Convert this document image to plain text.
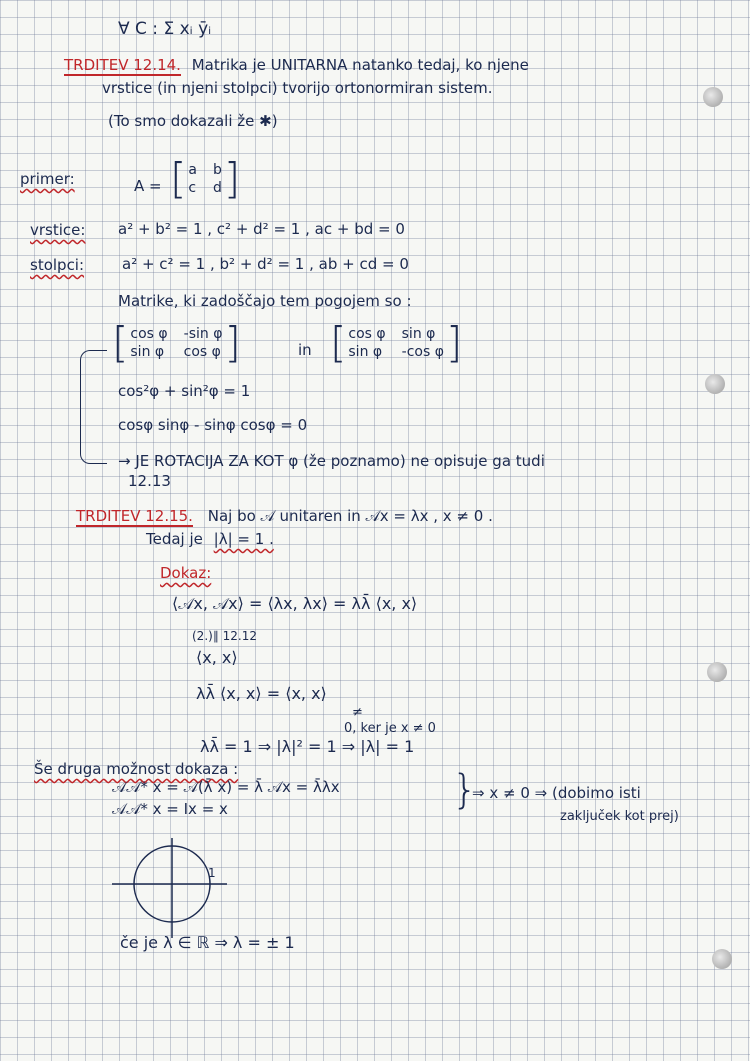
∀ C : Σ xᵢ ȳᵢ
TRDITEV 12.14. Matrika je UNITARNA natanko tedaj, ko njene
vrstice (in njeni stolpci) tvorijo ortonormiran sistem.
(To smo dokazali že ✱)
primer:	A = [ a b
c d ]
vrstice: a² + b² = 1 , c² + d² = 1 , ac + bd = 0
stolpci:	a² + c² = 1 , b² + d² = 1 , ab + cd = 0
Matrike, ki zadoščajo tem pogojem so :
[ cos φ -sin φ
sin φ cos φ ]	in [ cos φ sin φ
sin φ -cos φ ]
cos²φ + sin²φ = 1
cosφ sinφ - sinφ cosφ = 0
→ JE ROTACIJA ZA KOT φ (že poznamo) ne opisuje ga tudi
12.13
TRDITEV 12.15. Naj bo 𝒜 unitaren in 𝒜x = λx , x ≠ 0 .
Tedaj je |λ| = 1 .
Dokaz:
⟨𝒜x, 𝒜x⟩ = ⟨λx, λx⟩ = λλ̄ ⟨x, x⟩
(2.)∥ 12.12
⟨x, x⟩
λλ̄ ⟨x, x⟩ = ⟨x, x⟩
≠
0, ker je x ≠ 0
λλ̄ = 1 ⇒ |λ|² = 1 ⇒ |λ| = 1
Še druga možnost dokaza :
𝒜𝒜* x = 𝒜(λ̄ x) = λ̄ 𝒜x = λ̄λx
𝒜𝒜* x = Ix = x	}
⇒ x ≠ 0 ⇒ (dobimo isti
zaključek kot prej)
1
če je λ ∈ ℝ ⇒ λ = ± 1
